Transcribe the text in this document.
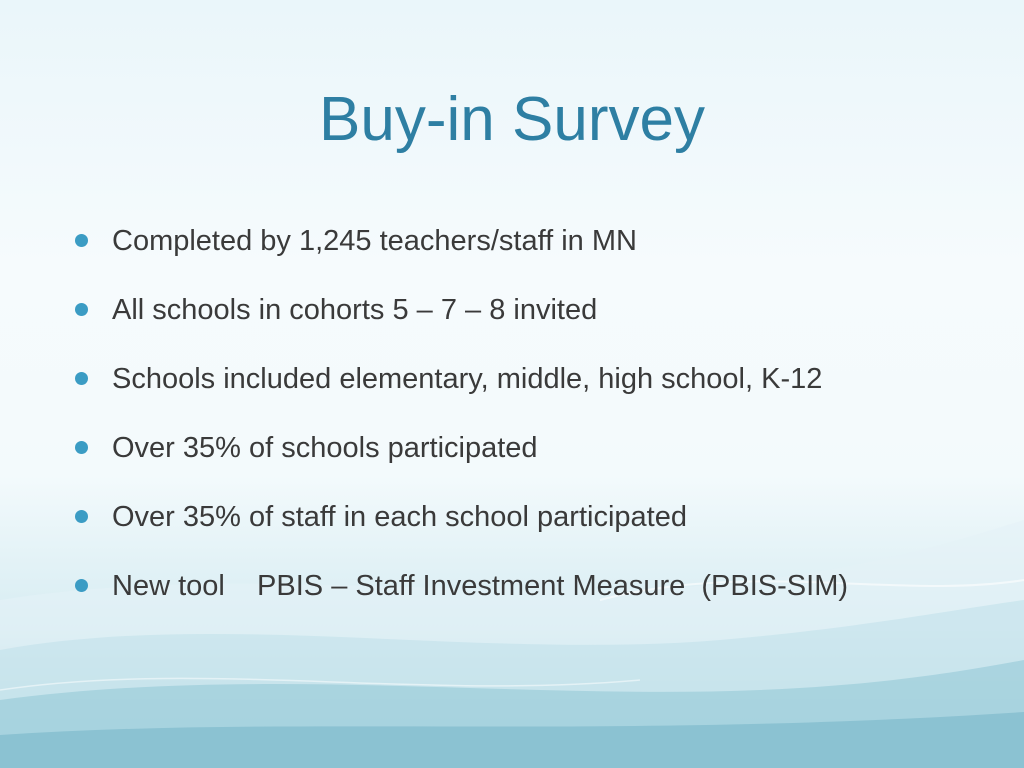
Buy-in Survey

Completed by 1,245 teachers/staff in MN

All schools in cohorts 5 – 7 – 8 invited

Schools included elementary, middle, high school, K-12

Over 35% of schools participated

Over 35% of staff in each school participated

New tool    PBIS – Staff Investment Measure  (PBIS-SIM)
